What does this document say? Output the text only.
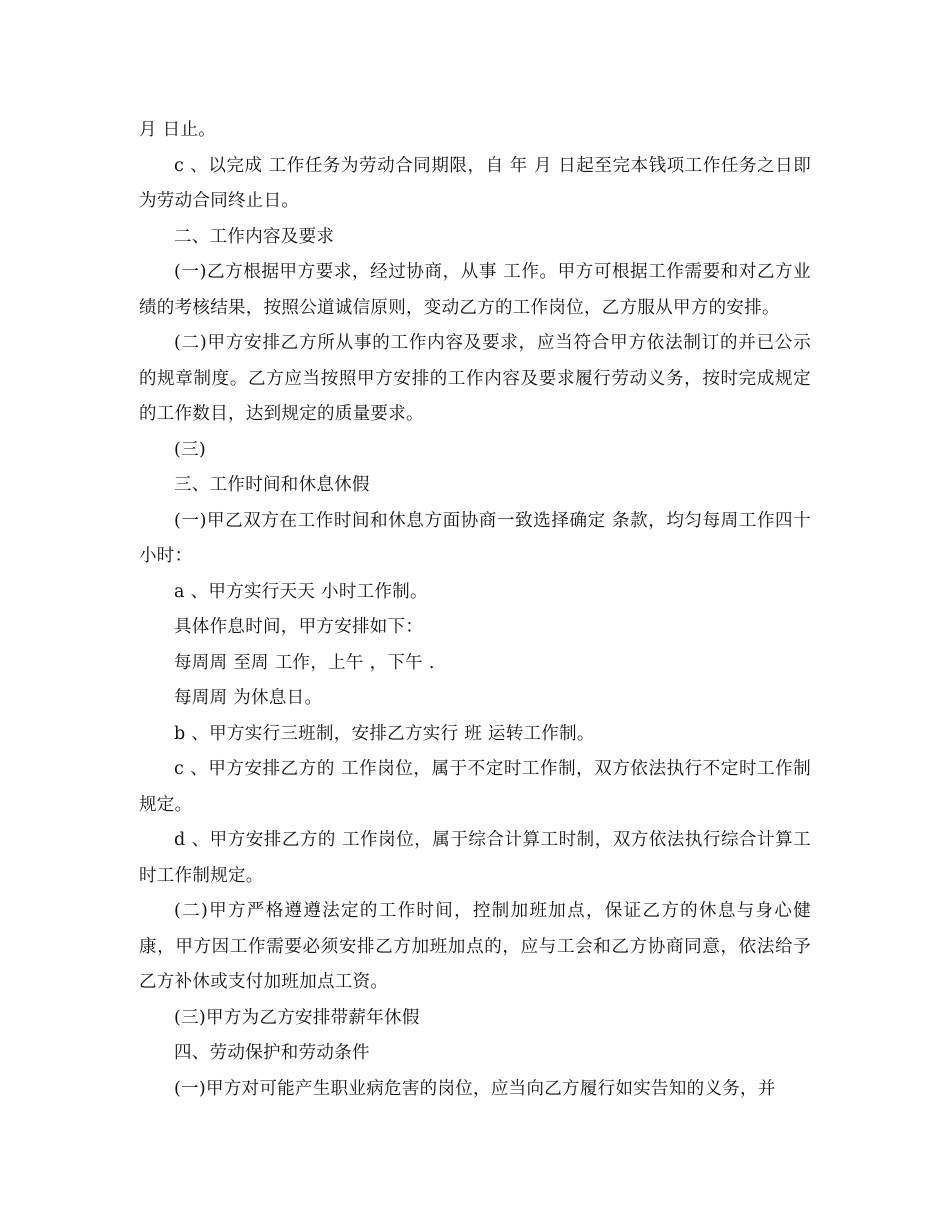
月 日止。

c 、以完成 工作任务为劳动合同期限，自 年 月 日起至完本钱项工作任务之日即为劳动合同终止日。

二、工作内容及要求

(一)乙方根据甲方要求，经过协商，从事 工作。甲方可根据工作需要和对乙方业绩的考核结果，按照公道诚信原则，变动乙方的工作岗位，乙方服从甲方的安排。

(二)甲方安排乙方所从事的工作内容及要求，应当符合甲方依法制订的并已公示的规章制度。乙方应当按照甲方安排的工作内容及要求履行劳动义务，按时完成规定的工作数目，达到规定的质量要求。

(三)

三、工作时间和休息休假

(一)甲乙双方在工作时间和休息方面协商一致选择确定 条款，均匀每周工作四十小时：

a 、甲方实行天天 小时工作制。

具体作息时间，甲方安排如下：

每周周 至周 工作，上午 ，下午 .

每周周 为休息日。

b 、甲方实行三班制，安排乙方实行 班 运转工作制。

c 、甲方安排乙方的 工作岗位，属于不定时工作制，双方依法执行不定时工作制规定。

d 、甲方安排乙方的 工作岗位，属于综合计算工时制，双方依法执行综合计算工时工作制规定。

(二)甲方严格遵遵法定的工作时间，控制加班加点，保证乙方的休息与身心健康，甲方因工作需要必须安排乙方加班加点的，应与工会和乙方协商同意，依法给予乙方补休或支付加班加点工资。

(三)甲方为乙方安排带薪年休假

四、劳动保护和劳动条件

(一)甲方对可能产生职业病危害的岗位，应当向乙方履行如实告知的义务，并
